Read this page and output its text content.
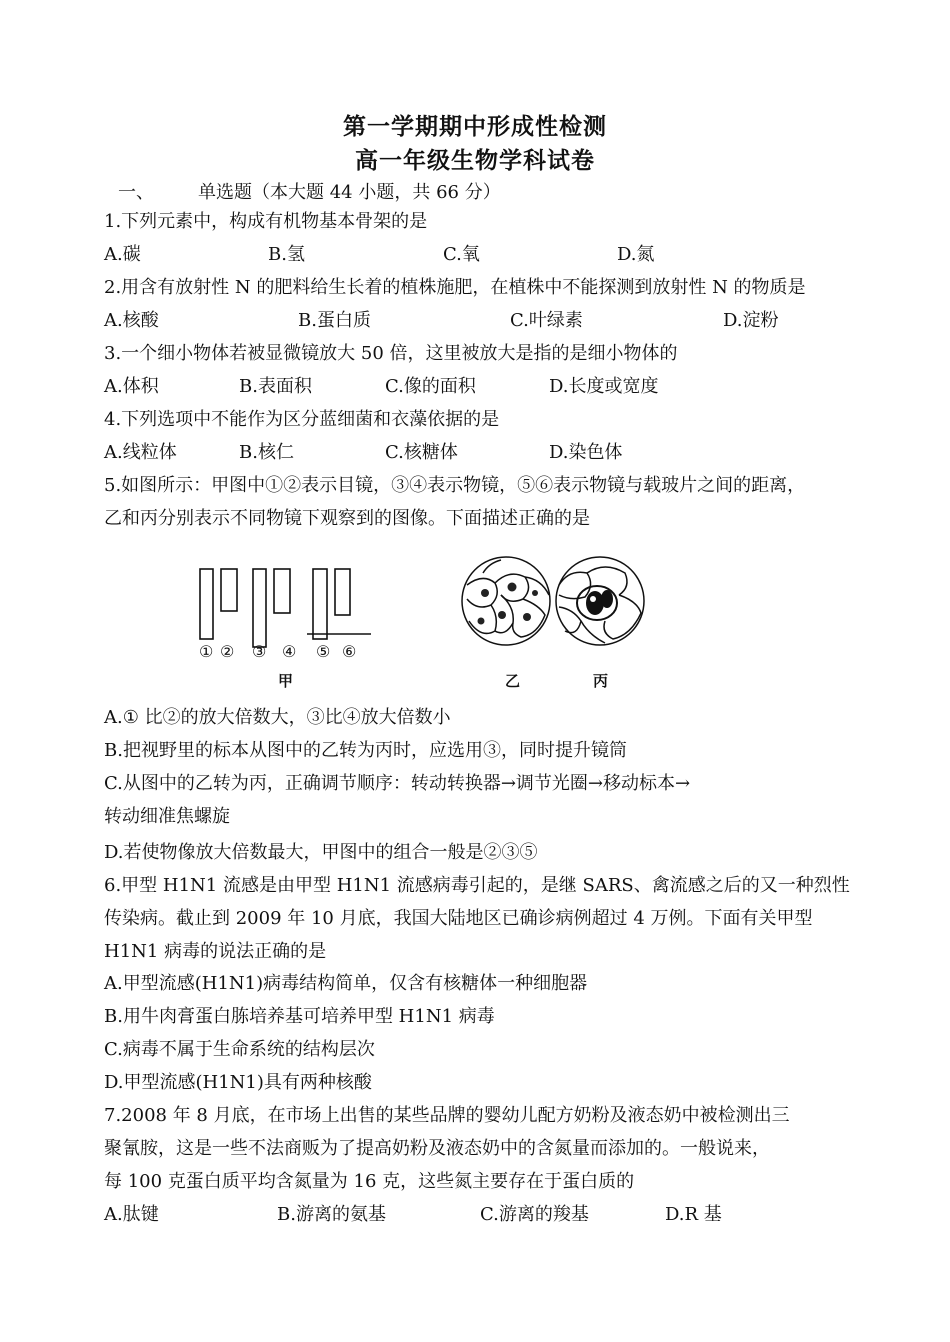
第一学期期中形成性检测
高一年级生物学科试卷
一、 单选题（本大题 44 小题，共 66 分）
1.下列元素中，构成有机物基本骨架的是
A.碳	B.氢	C.氧	D.氮
2.用含有放射性 N 的肥料给生长着的植株施肥，在植株中不能探测到放射性 N 的物质是
A.核酸	B.蛋白质	C.叶绿素	D.淀粉
3.一个细小物体若被显微镜放大 50 倍，这里被放大是指的是细小物体的
A.体积	B.表面积	C.像的面积	D.长度或宽度
4.下列选项中不能作为区分蓝细菌和衣藻依据的是
A.线粒体	B.核仁	C.核糖体	D.染色体
5.如图所示：甲图中①②表示目镜，③④表示物镜，⑤⑥表示物镜与载玻片之间的距离，
乙和丙分别表示不同物镜下观察到的图像。下面描述正确的是
① ② ③ ④ ⑤ ⑥
甲	乙	丙
A.① 比②的放大倍数大，③比④放大倍数小
B.把视野里的标本从图中的乙转为丙时，应选用③，同时提升镜筒
C.从图中的乙转为丙，正确调节顺序：转动转换器→调节光圈→移动标本→
转动细准焦螺旋
D.若使物像放大倍数最大，甲图中的组合一般是②③⑤
6.甲型 H1N1 流感是由甲型 H1N1 流感病毒引起的，是继 SARS、禽流感之后的又一种烈性
传染病。截止到 2009 年 10 月底，我国大陆地区已确诊病例超过 4 万例。下面有关甲型
H1N1 病毒的说法正确的是
A.甲型流感(H1N1)病毒结构简单，仅含有核糖体一种细胞器
B.用牛肉膏蛋白胨培养基可培养甲型 H1N1 病毒
C.病毒不属于生命系统的结构层次
D.甲型流感(H1N1)具有两种核酸
7.2008 年 8 月底，在市场上出售的某些品牌的婴幼儿配方奶粉及液态奶中被检测出三
聚氰胺，这是一些不法商贩为了提高奶粉及液态奶中的含氮量而添加的。一般说来，
每 100 克蛋白质平均含氮量为 16 克，这些氮主要存在于蛋白质的
A.肽键	B.游离的氨基	C.游离的羧基	D.R 基
